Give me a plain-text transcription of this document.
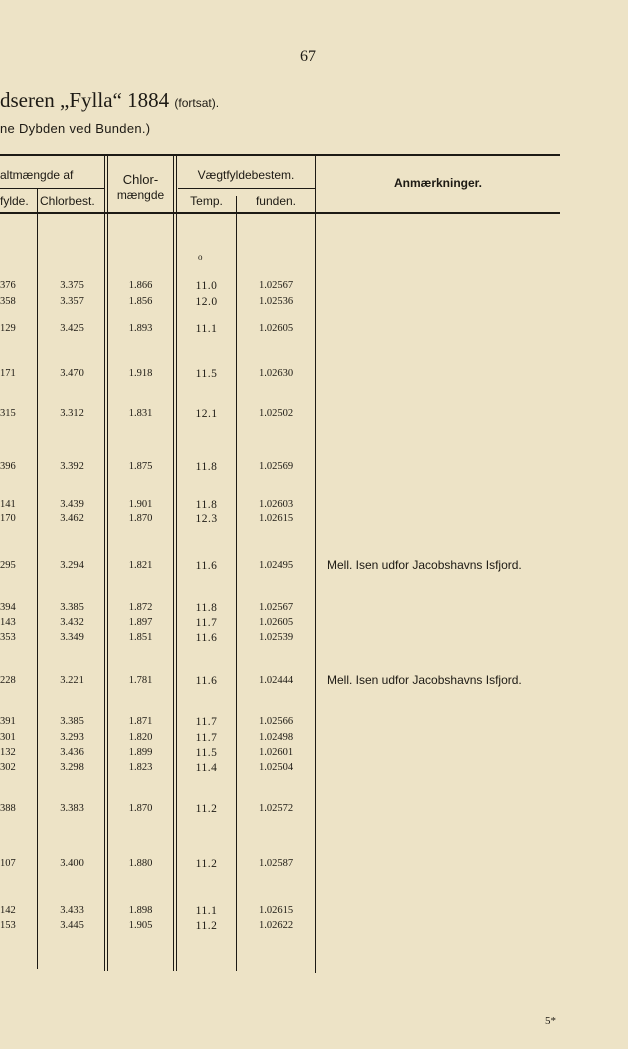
67
dseren „Fylla“ 1884 (fortsat).
ne Dybden ved Bunden.)
altmængde af
fylde. Chlorbest.
Chlor-
mængde
Vægtfyldebestem.
Temp.	funden.
Anmærkninger.
o
376	3.375	1.866	11.0	1.02567
358	3.357	1.856	12.0	1.02536
129	3.425	1.893	11.1	1.02605
171	3.470	1.918	11.5	1.02630
315	3.312	1.831	12.1	1.02502
396	3.392	1.875	11.8	1.02569
141	3.439	1.901	11.8	1.02603
170	3.462	1.870	12.3	1.02615
295	3.294	1.821	11.6	1.02495	Mell. Isen udfor Jacobshavns Isfjord.
394	3.385	1.872	11.8	1.02567
143	3.432	1.897	11.7	1.02605
353	3.349	1.851	11.6	1.02539
228	3.221	1.781	11.6	1.02444	Mell. Isen udfor Jacobshavns Isfjord.
391	3.385	1.871	11.7	1.02566
301	3.293	1.820	11.7	1.02498
132	3.436	1.899	11.5	1.02601
302	3.298	1.823	11.4	1.02504
388	3.383	1.870	11.2	1.02572
107	3.400	1.880	11.2	1.02587
142	3.433	1.898	11.1	1.02615
153	3.445	1.905	11.2	1.02622
5*
